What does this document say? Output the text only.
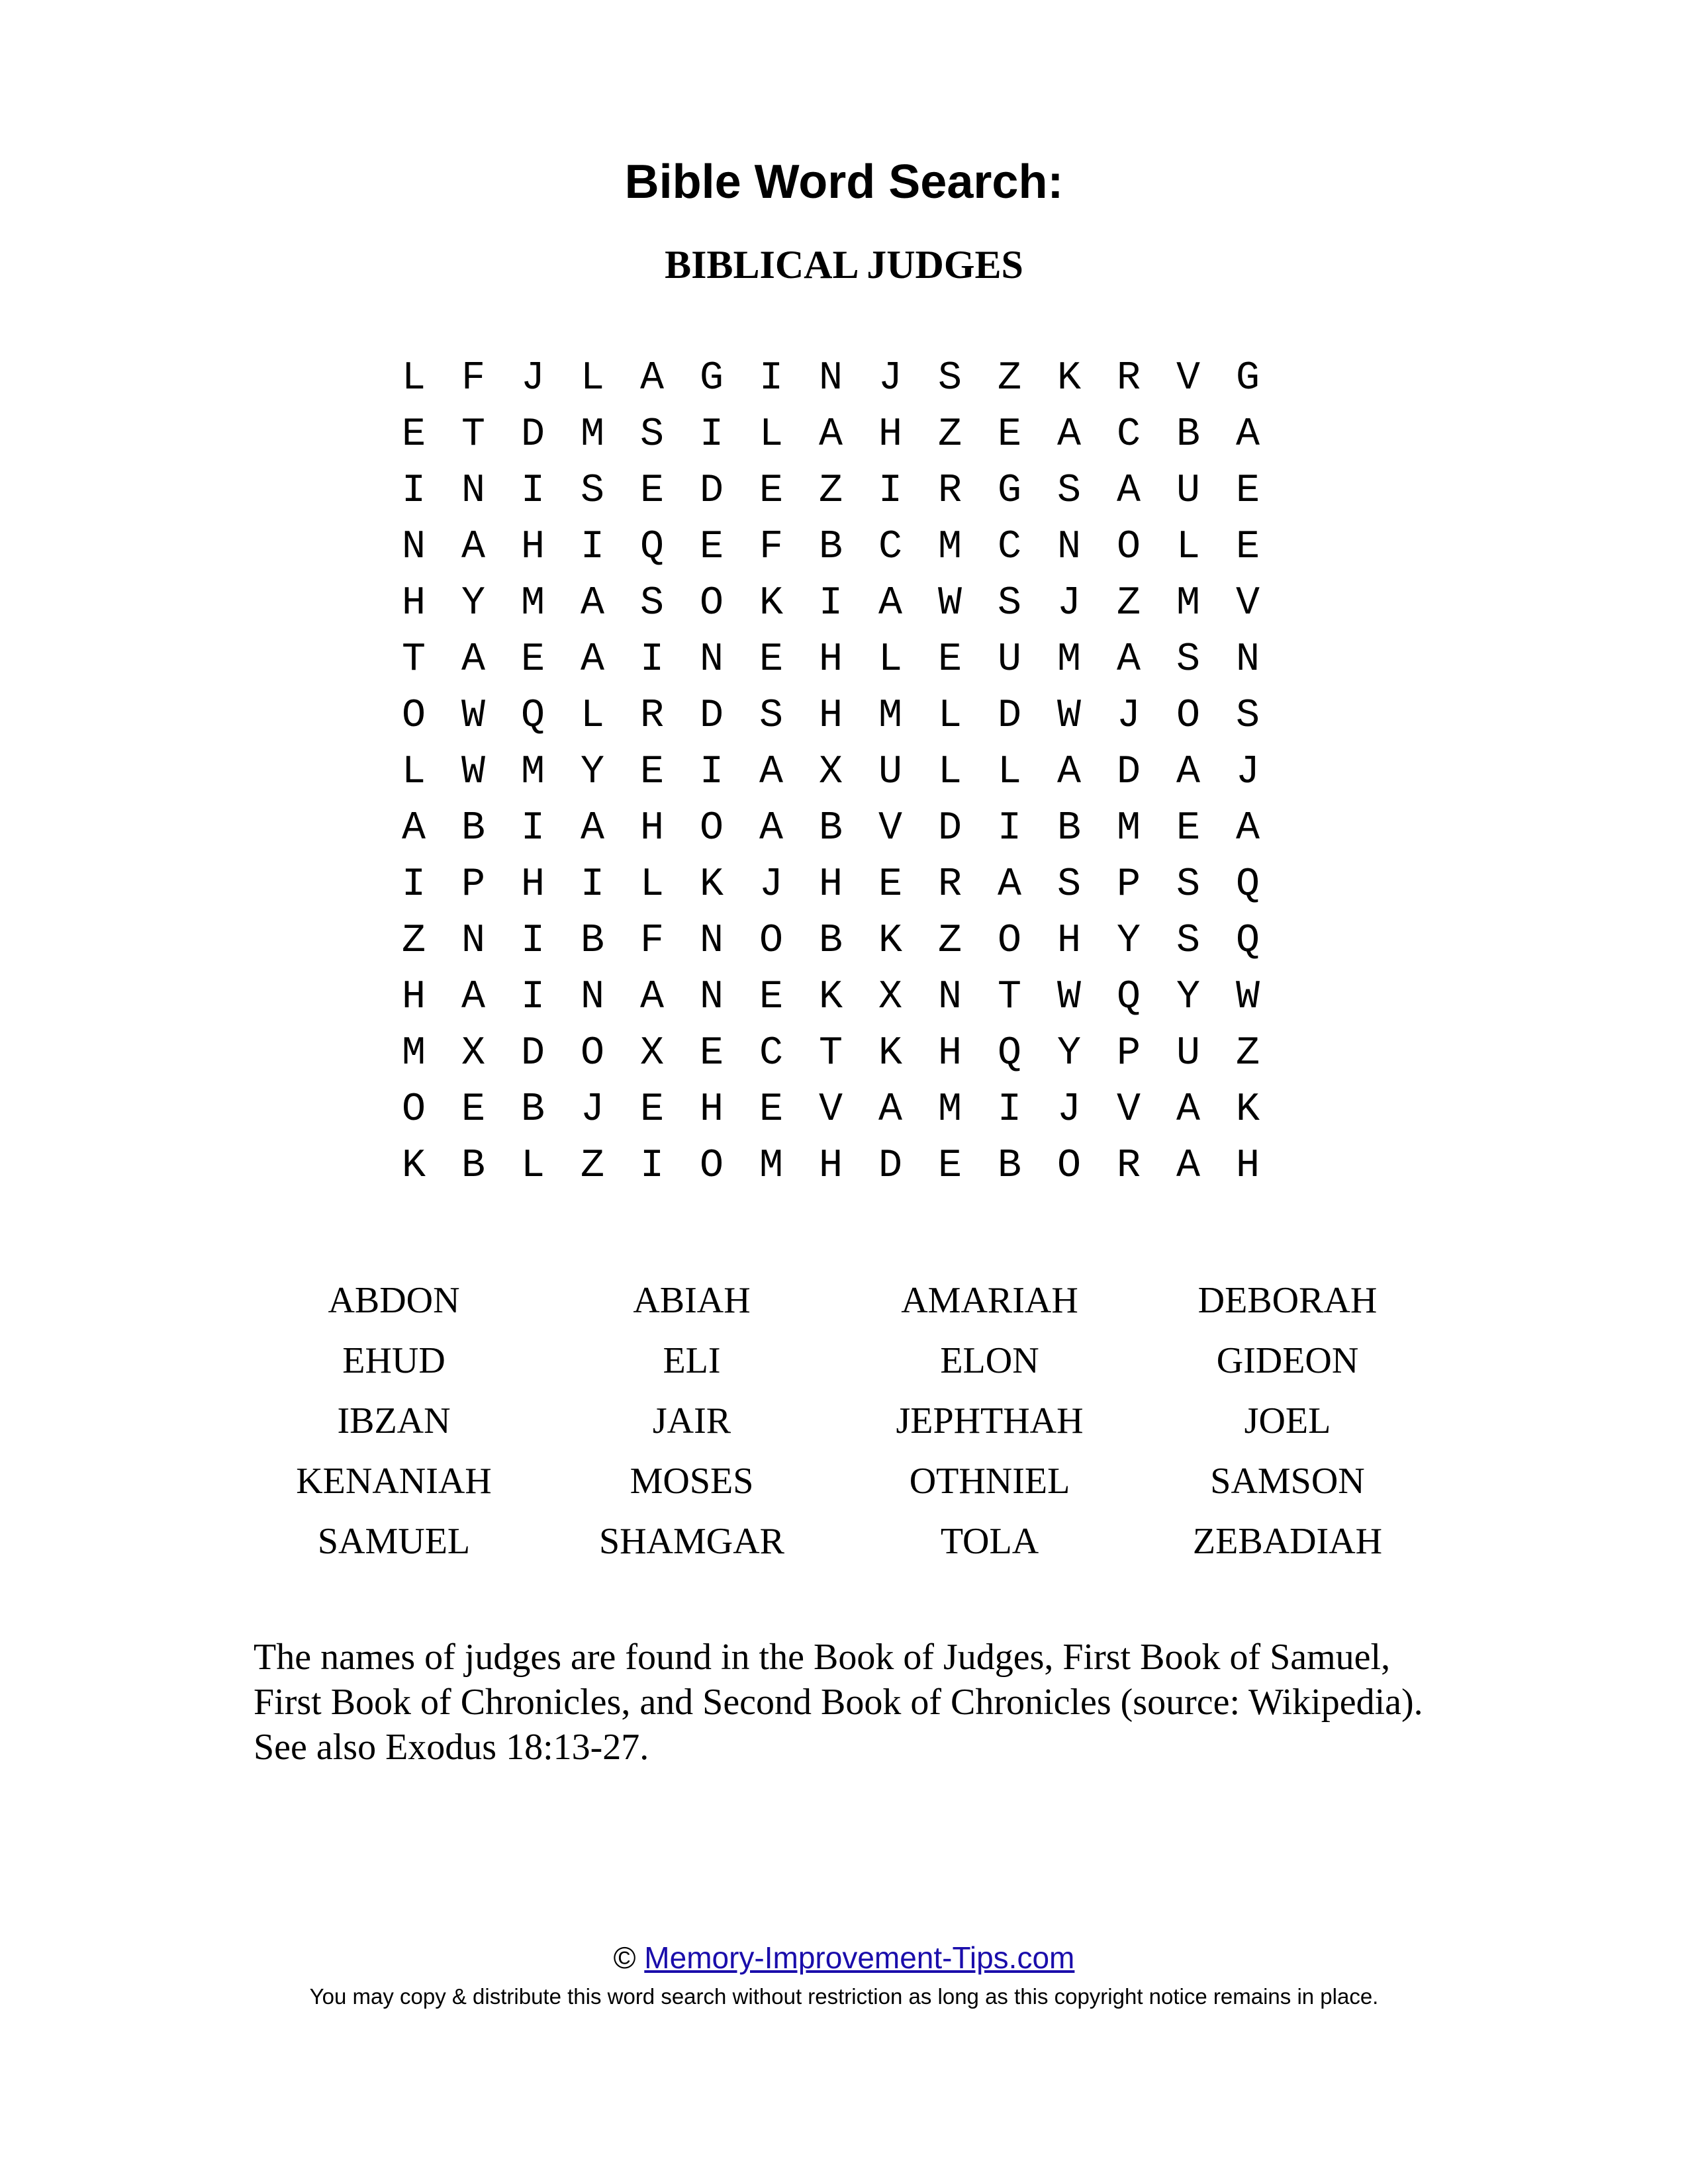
Bible Word Search:
BIBLICAL JUDGES
L F J L A G I N J S Z K R V G
E T D M S I L A H Z E A C B A
I N I S E D E Z I R G S A U E
N A H I Q E F B C M C N O L E
H Y M A S O K I A W S J Z M V
T A E A I N E H L E U M A S N
O W Q L R D S H M L D W J O S
L W M Y E I A X U L L A D A J
A B I A H O A B V D I B M E A
I P H I L K J H E R A S P S Q
Z N I B F N O B K Z O H Y S Q
H A I N A N E K X N T W Q Y W
M X D O X E C T K H Q Y P U Z
O E B J E H E V A M I J V A K
K B L Z I O M H D E B O R A H
ABDON	ABIAH	AMARIAH	DEBORAH
EHUD	ELI	ELON	GIDEON
IBZAN	JAIR	JEPHTHAH	JOEL
KENANIAH	MOSES	OTHNIEL	SAMSON
SAMUEL	SHAMGAR	TOLA	ZEBADIAH

The names of judges are found in the Book of Judges, First Book of Samuel,
First Book of Chronicles, and Second Book of Chronicles (source: Wikipedia).
See also Exodus 18:13-27.

© Memory-Improvement-Tips.com
You may copy & distribute this word search without restriction as long as this copyright notice remains in place.
